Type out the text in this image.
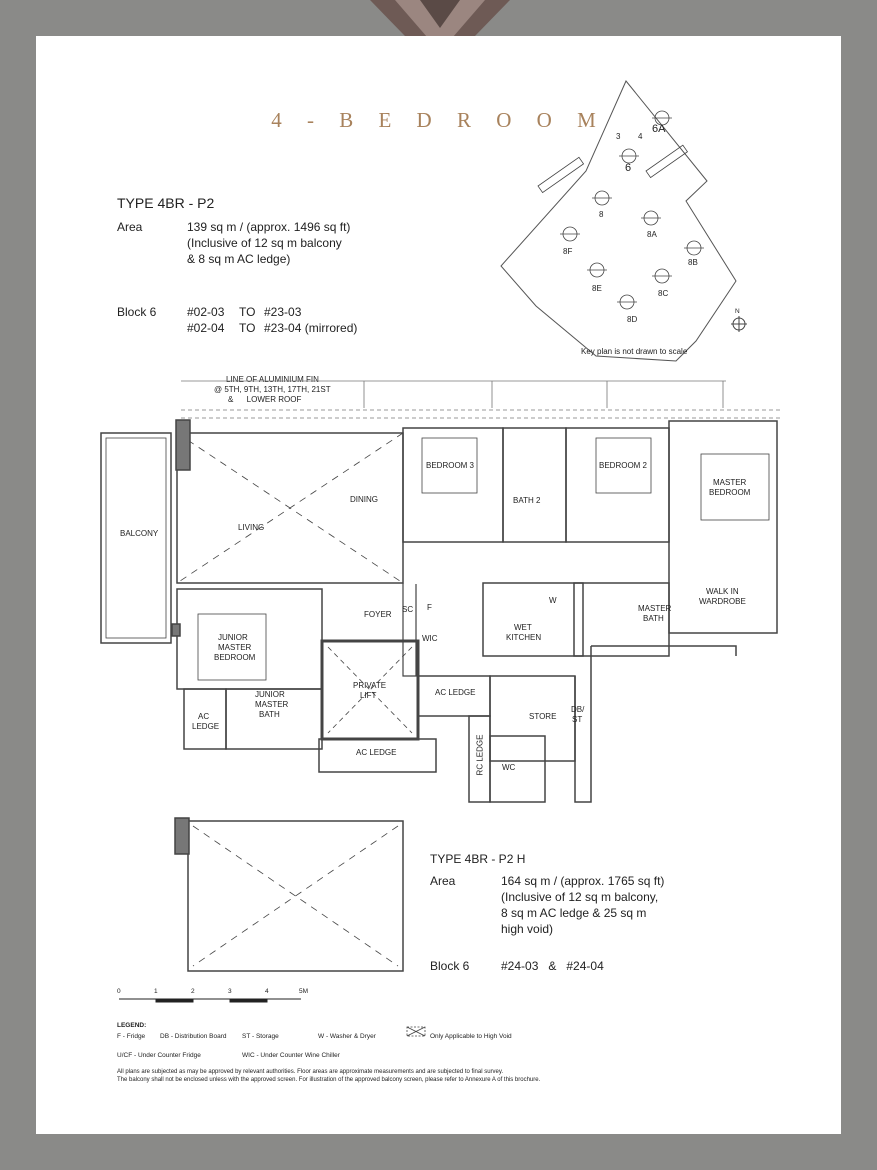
4 - B E D R O O M
TYPE 4BR - P2
Area	139 sq m / (approx. 1496 sq ft)
(Inclusive of 12 sq m balcony
& 8 sq m AC ledge)
Block 6	#02-03 TO #23-03
#02-04 TO #23-04 (mirrored)
6A
6
3 4
8
8A
8B
8C
8D
8E
8F
N
Key plan is not drawn to scale
LINE OF ALUMINIUM FIN
@ 5TH, 9TH, 13TH, 17TH, 21ST
&      LOWER ROOF
BALCONY
LIVING
DINING
BEDROOM 3
BATH 2
BEDROOM 2
MASTER
BEDROOM
WALK IN
WARDROBE
MASTER
BATH
JUNIOR
MASTER
BEDROOM
FOYER
SC F
WIC
W
WET
KITCHEN
PRIVATE
LIFT	AC LEDGE
AC
LEDGE
JUNIOR
MASTER
BATH
AC LEDGE
STORE
DB/
ST
RC LEDGE WC
TYPE 4BR - P2 H
Area	164 sq m / (approx. 1765 sq ft)
(Inclusive of 12 sq m balcony,
8 sq m AC ledge & 25 sq m
high void)
Block 6	#24-03   &   #24-04
0	1	2	3	4	5M
LEGEND:
F - Fridge DB - Distribution Board ST - Storage	W - Washer & Dryer	Only Applicable to High Void
U/CF - Under Counter Fridge	WIC - Under Counter Wine Chiller
All plans are subjected as may be approved by relevant authorities. Floor areas are approximate measurements and are subjected to final survey.
The balcony shall not be enclosed unless with the approved screen. For illustration of the approved balcony screen, please refer to Annexure A of this brochure.
